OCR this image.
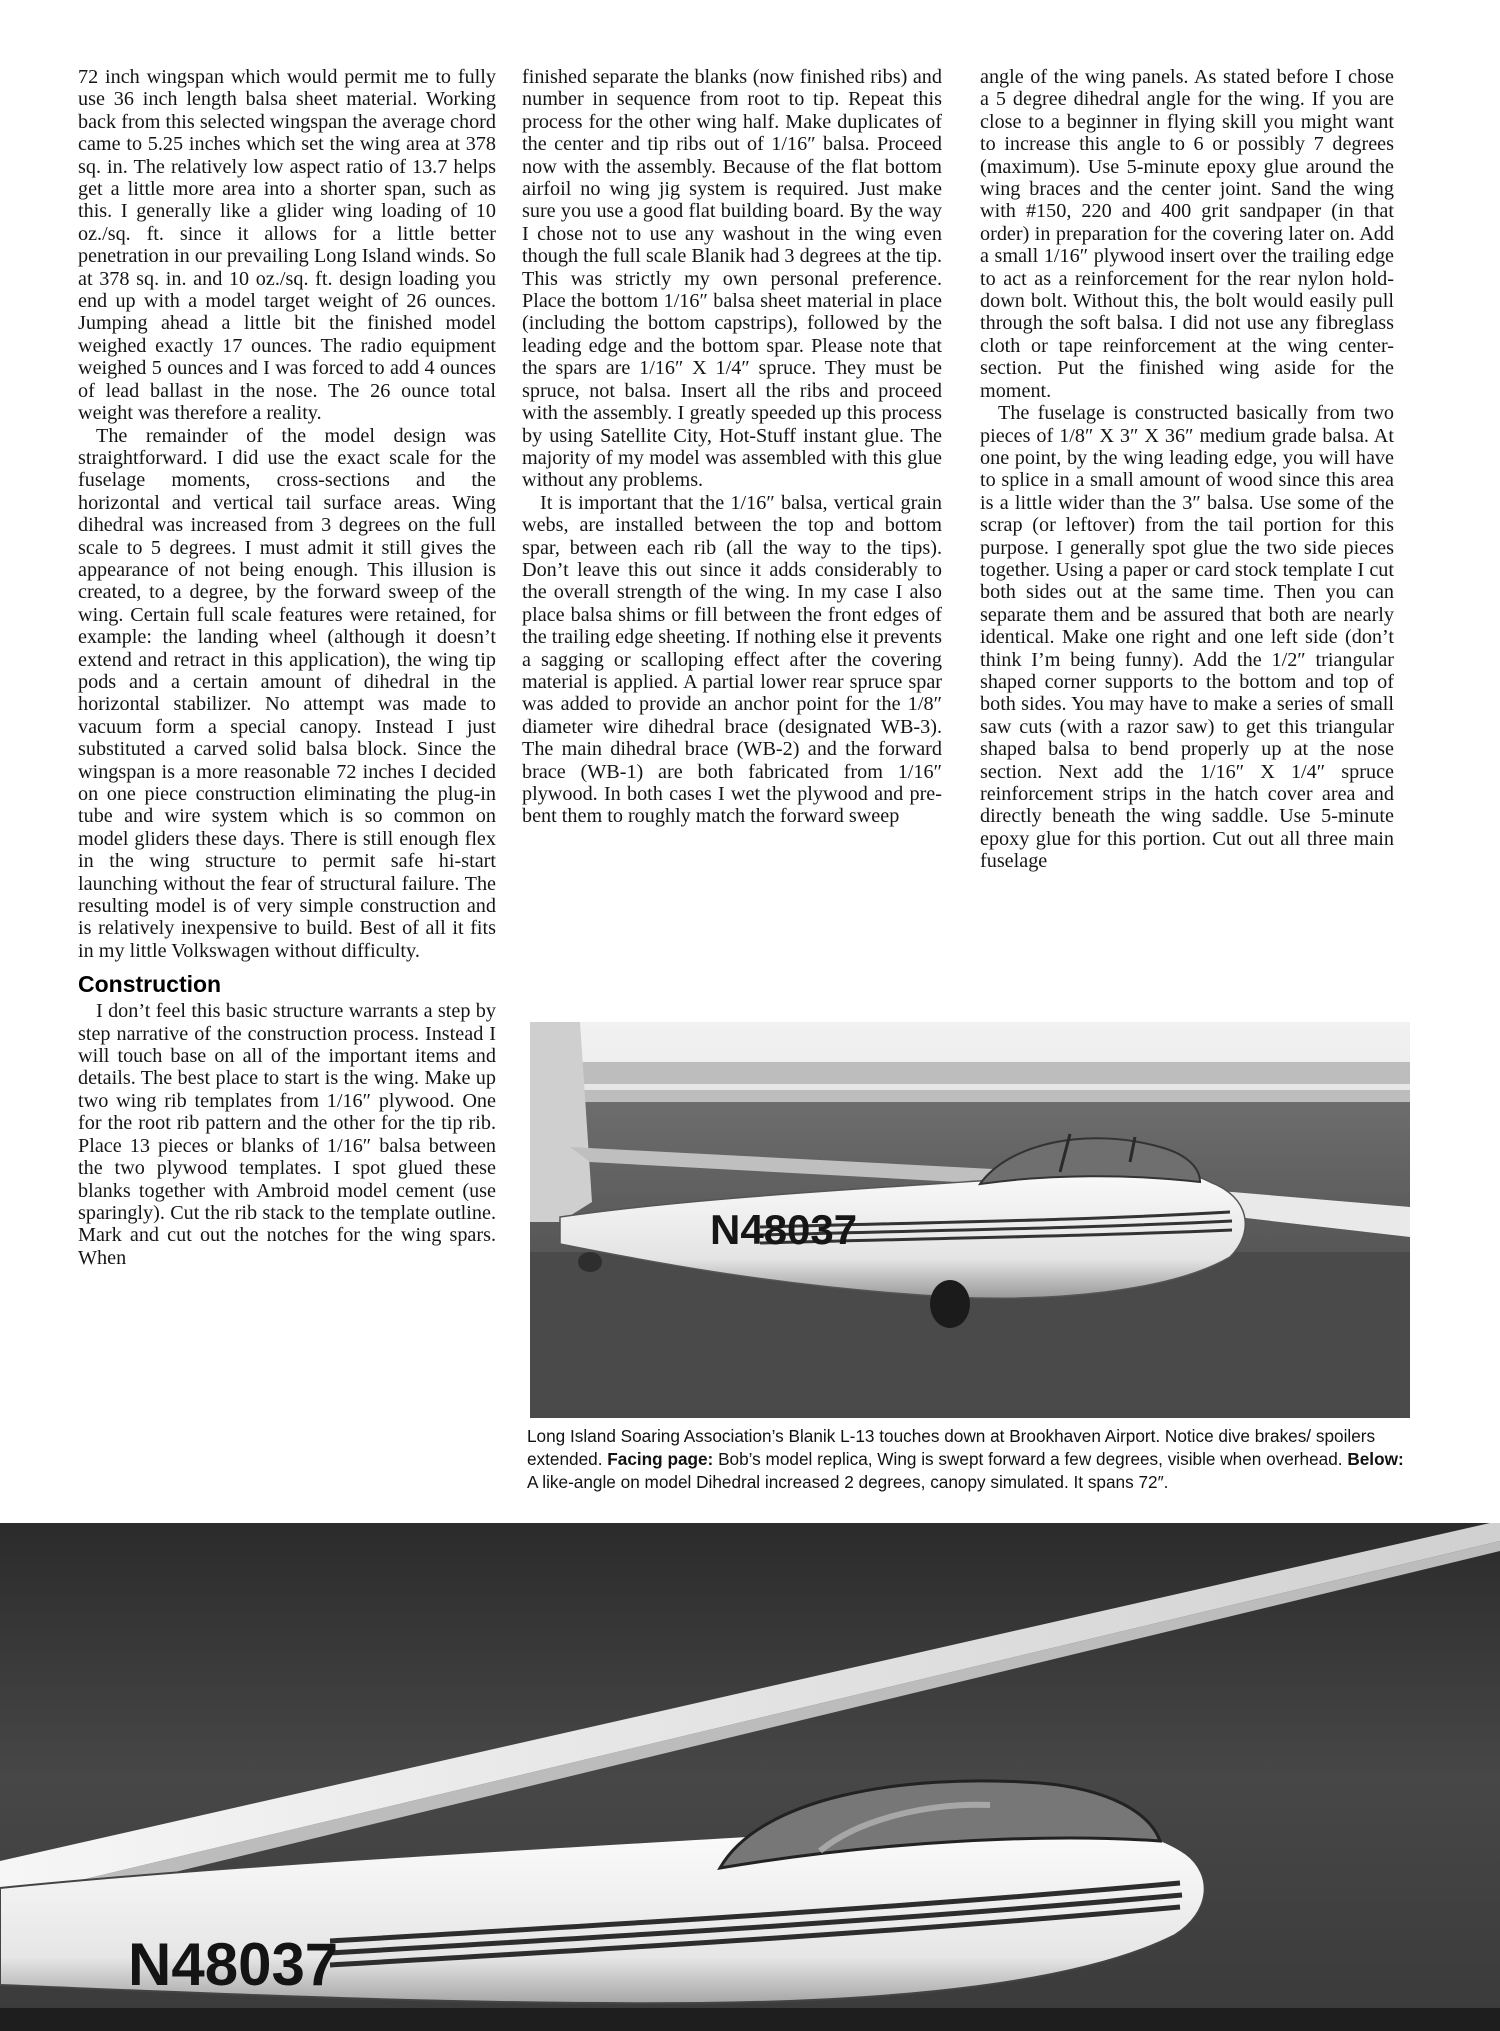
72 inch wingspan which would permit me to fully use 36 inch length balsa sheet material. Working back from this selected wingspan the average chord came to 5.25 inches which set the wing area at 378 sq. in. The relatively low aspect ratio of 13.7 helps get a little more area into a shorter span, such as this. I generally like a glider wing loading of 10 oz./sq. ft. since it allows for a little better penetration in our prevailing Long Island winds. So at 378 sq. in. and 10 oz./sq. ft. design loading you end up with a model target weight of 26 ounces. Jumping ahead a little bit the finished model weighed exactly 17 ounces. The radio equipment weighed 5 ounces and I was forced to add 4 ounces of lead ballast in the nose. The 26 ounce total weight was therefore a reality.

The remainder of the model design was straightforward. I did use the exact scale for the fuselage moments, cross-sections and the horizontal and vertical tail surface areas. Wing dihedral was increased from 3 degrees on the full scale to 5 degrees. I must admit it still gives the appearance of not being enough. This illusion is created, to a degree, by the forward sweep of the wing. Certain full scale features were retained, for example: the landing wheel (although it doesn’t extend and retract in this application), the wing tip pods and a certain amount of dihedral in the horizontal stabilizer. No attempt was made to vacuum form a special canopy. Instead I just substituted a carved solid balsa block. Since the wingspan is a more reasonable 72 inches I decided on one piece construction eliminating the plug-in tube and wire system which is so common on model gliders these days. There is still enough flex in the wing structure to permit safe hi-start launching without the fear of structural failure. The resulting model is of very simple construction and is relatively inexpensive to build. Best of all it fits in my little Volkswagen without difficulty.

Construction

I don’t feel this basic structure warrants a step by step narrative of the construction process. Instead I will touch base on all of the important items and details. The best place to start is the wing. Make up two wing rib templates from 1/16″ plywood. One for the root rib pattern and the other for the tip rib. Place 13 pieces or blanks of 1/16″ balsa between the two plywood templates. I spot glued these blanks together with Ambroid model cement (use sparingly). Cut the rib stack to the template outline. Mark and cut out the notches for the wing spars. When

finished separate the blanks (now finished ribs) and number in sequence from root to tip. Repeat this process for the other wing half. Make duplicates of the center and tip ribs out of 1/16″ balsa. Proceed now with the assembly. Because of the flat bottom airfoil no wing jig system is required. Just make sure you use a good flat building board. By the way I chose not to use any washout in the wing even though the full scale Blanik had 3 degrees at the tip. This was strictly my own personal preference. Place the bottom 1/16″ balsa sheet material in place (including the bottom capstrips), followed by the leading edge and the bottom spar. Please note that the spars are 1/16″ X 1/4″ spruce. They must be spruce, not balsa. Insert all the ribs and proceed with the assembly. I greatly speeded up this process by using Satellite City, Hot-Stuff instant glue. The majority of my model was assembled with this glue without any problems.

It is important that the 1/16″ balsa, vertical grain webs, are installed between the top and bottom spar, between each rib (all the way to the tips). Don’t leave this out since it adds considerably to the overall strength of the wing. In my case I also place balsa shims or fill between the front edges of the trailing edge sheeting. If nothing else it prevents a sagging or scalloping effect after the covering material is applied. A partial lower rear spruce spar was added to provide an anchor point for the 1/8″ diameter wire dihedral brace (designated WB-3). The main dihedral brace (WB-2) and the forward brace (WB-1) are both fabricated from 1/16″ plywood. In both cases I wet the plywood and pre-bent them to roughly match the forward sweep

angle of the wing panels. As stated before I chose a 5 degree dihedral angle for the wing. If you are close to a beginner in flying skill you might want to increase this angle to 6 or possibly 7 degrees (maximum). Use 5-minute epoxy glue around the wing braces and the center joint. Sand the wing with #150, 220 and 400 grit sandpaper (in that order) in preparation for the covering later on. Add a small 1/16″ plywood insert over the trailing edge to act as a reinforcement for the rear nylon hold-down bolt. Without this, the bolt would easily pull through the soft balsa. I did not use any fibreglass cloth or tape reinforcement at the wing center-section. Put the finished wing aside for the moment.

The fuselage is constructed basically from two pieces of 1/8″ X 3″ X 36″ medium grade balsa. At one point, by the wing leading edge, you will have to splice in a small amount of wood since this area is a little wider than the 3″ balsa. Use some of the scrap (or leftover) from the tail portion for this purpose. I generally spot glue the two side pieces together. Using a paper or card stock template I cut both sides out at the same time. Then you can separate them and be assured that both are nearly identical. Make one right and one left side (don’t think I’m being funny). Add the 1/2″ triangular shaped corner supports to the bottom and top of both sides. You may have to make a series of small saw cuts (with a razor saw) to get this triangular shaped balsa to bend properly up at the nose section. Next add the 1/16″ X 1/4″ spruce reinforcement strips in the hatch cover area and directly beneath the wing saddle. Use 5-minute epoxy glue for this portion. Cut out all three main fuselage

N48037
Long Island Soaring Association’s Blanik L-13 touches down at Brookhaven Airport. Notice dive brakes/ spoilers extended. Facing page: Bob’s model replica, Wing is swept forward a few degrees, visible when overhead. Below: A like-angle on model Dihedral increased 2 degrees, canopy simulated. It spans 72″.
N48037
